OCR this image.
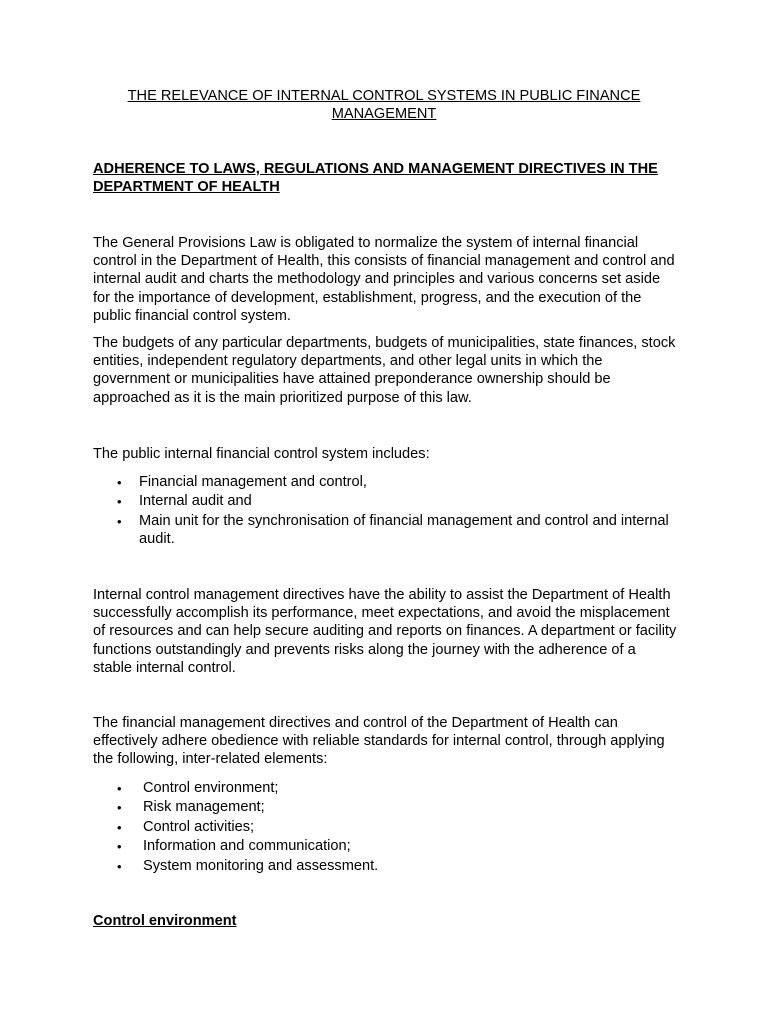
THE RELEVANCE OF INTERNAL CONTROL SYSTEMS IN PUBLIC FINANCE MANAGEMENT

ADHERENCE TO LAWS, REGULATIONS AND MANAGEMENT DIRECTIVES IN THE DEPARTMENT OF HEALTH

The General Provisions Law is obligated to normalize the system of internal financial control in the Department of Health, this consists of financial management and control and internal audit and charts the methodology and principles and various concerns set aside for the importance of development, establishment, progress, and the execution of the public financial control system.

The budgets of any particular departments, budgets of municipalities, state finances, stock entities, independent regulatory departments, and other legal units in which the government or municipalities have attained preponderance ownership should be approached as it is the main prioritized purpose of this law.

The public internal financial control system includes:

• Financial management and control,
• Internal audit and
• Main unit for the synchronisation of financial management and control and internal audit.

Internal control management directives have the ability to assist the Department of Health successfully accomplish its performance, meet expectations, and avoid the misplacement of resources and can help secure auditing and reports on finances. A department or facility functions outstandingly and prevents risks along the journey with the adherence of a stable internal control.

The financial management directives and control of the Department of Health can effectively adhere obedience with reliable standards for internal control, through applying the following, inter-related elements:

• Control environment;
• Risk management;
• Control activities;
• Information and communication;
• System monitoring and assessment.

Control environment
